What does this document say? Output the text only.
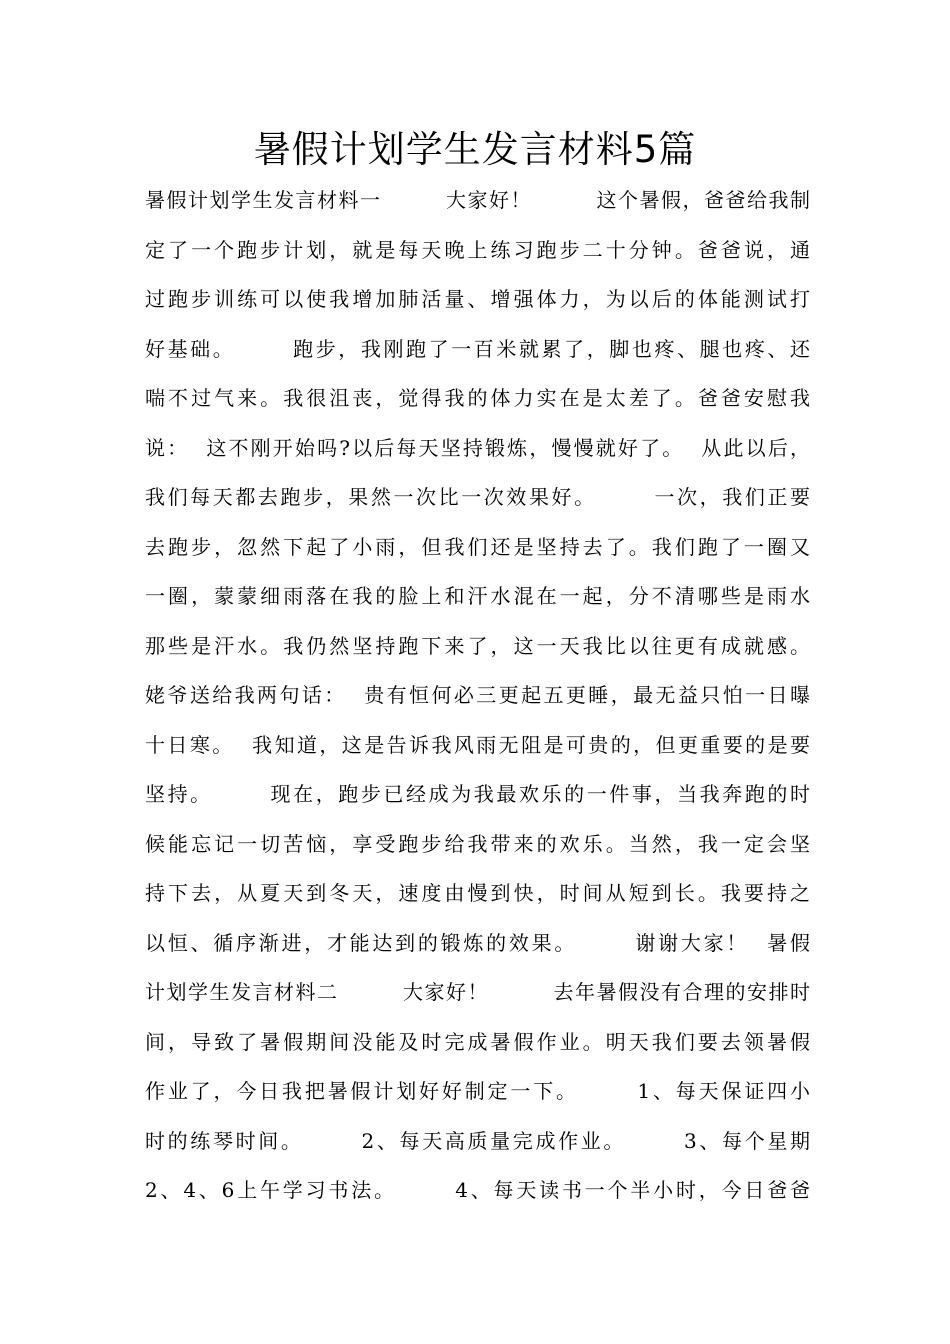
暑假计划学生发言材料5篇
暑假计划学生发言材料一　　　大家好！　　　这个暑假，爸爸给我制
定了一个跑步计划，就是每天晚上练习跑步二十分钟。爸爸说，通
过跑步训练可以使我增加肺活量、增强体力，为以后的体能测试打
好基础。　　　跑步，我刚跑了一百米就累了，脚也疼、腿也疼、还
喘不过气来。我很沮丧，觉得我的体力实在是太差了。爸爸安慰我
说：  这不刚开始吗?以后每天坚持锻炼，慢慢就好了。  从此以后，
我们每天都去跑步，果然一次比一次效果好。　　　一次，我们正要
去跑步，忽然下起了小雨，但我们还是坚持去了。我们跑了一圈又
一圈，蒙蒙细雨落在我的脸上和汗水混在一起，分不清哪些是雨水
那些是汗水。我仍然坚持跑下来了，这一天我比以往更有成就感。
姥爷送给我两句话：  贵有恒何必三更起五更睡，最无益只怕一日曝
十日寒。  我知道，这是告诉我风雨无阻是可贵的，但更重要的是要
坚持。　　　现在，跑步已经成为我最欢乐的一件事，当我奔跑的时
候能忘记一切苦恼，享受跑步给我带来的欢乐。当然，我一定会坚
持下去，从夏天到冬天，速度由慢到快，时间从短到长。我要持之
以恒、循序渐进，才能达到的锻炼的效果。　　　谢谢大家！  暑假
计划学生发言材料二　　　大家好！　　　去年暑假没有合理的安排时
间，导致了暑假期间没能及时完成暑假作业。明天我们要去领暑假
作业了，今日我把暑假计划好好制定一下。　　　1、每天保证四小
时的练琴时间。　　　2、每天高质量完成作业。　　　3、每个星期
2、4、6上午学习书法。　　　4、每天读书一个半小时，今日爸爸
